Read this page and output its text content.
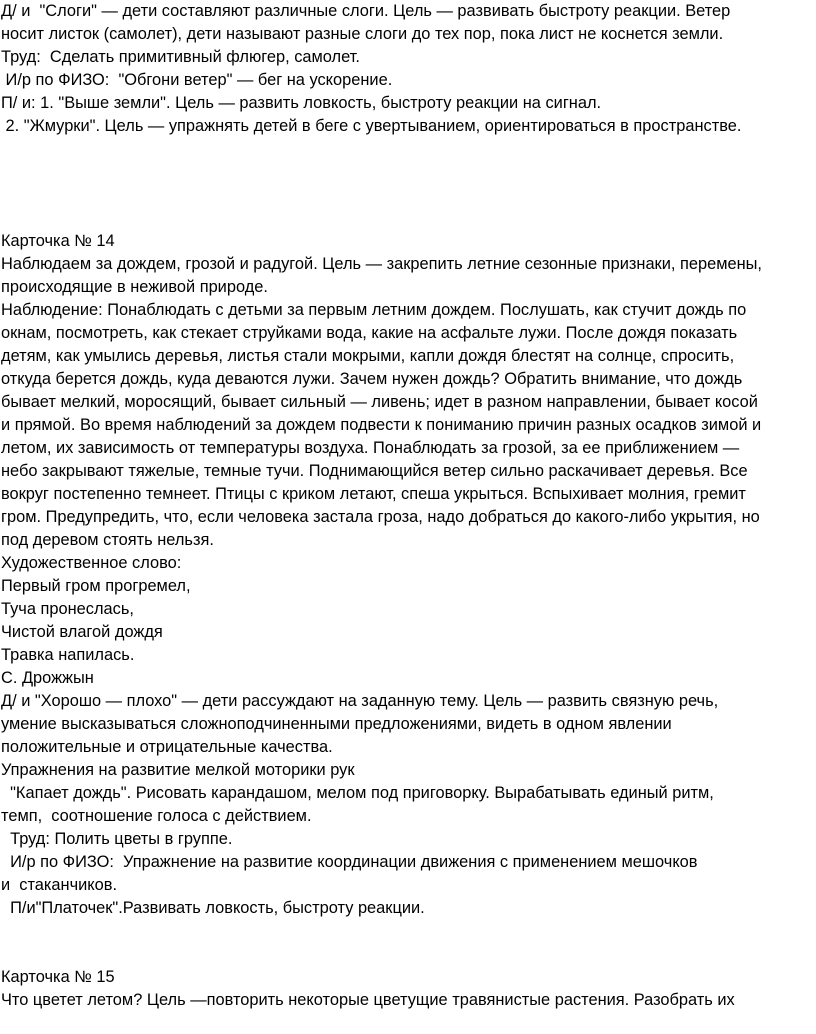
Д/ и  "Слоги" — дети составляют различные слоги. Цель — развивать быстроту реакции. Ветер
носит листок (самолет), дети называют разные слоги до тех пор, пока лист не коснется земли.
Труд:  Сделать примитивный флюгер, самолет.
И/р по ФИЗО:  "Обгони ветер" — бег на ускорение.
П/ и: 1. "Выше земли". Цель — развить ловкость, быстроту реакции на сигнал.
2. "Жмурки". Цель — упражнять детей в беге с увертыванием, ориентироваться в пространстве.
Карточка № 14
Наблюдаем за дождем, грозой и радугой. Цель — закрепить летние сезонные признаки, перемены,
происходящие в неживой природе.
Наблюдение: Понаблюдать с детьми за первым летним дождем. Послушать, как стучит дождь по
окнам, посмотреть, как стекает струйками вода, какие на асфальте лужи. После дождя показать
детям, как умылись деревья, листья стали мокрыми, капли дождя блестят на солнце, спросить,
откуда берется дождь, куда деваются лужи. Зачем нужен дождь? Обратить внимание, что дождь
бывает мелкий, моросящий, бывает сильный — ливень; идет в разном направлении, бывает косой
и прямой. Во время наблюдений за дождем подвести к пониманию причин разных осадков зимой и
летом, их зависимость от температуры воздуха. Понаблюдать за грозой, за ее приближением —
небо закрывают тяжелые, темные тучи. Поднимающийся ветер сильно раскачивает деревья. Все
вокруг постепенно темнеет. Птицы с криком летают, спеша укрыться. Вспыхивает молния, гремит
гром. Предупредить, что, если человека застала гроза, надо добраться до какого-либо укрытия, но
под деревом стоять нельзя.
Художественное слово:
Первый гром прогремел,
Туча пронеслась,
Чистой влагой дождя
Травка напилась.
С. Дрожжын
Д/ и "Хорошо — плохо" — дети рассуждают на заданную тему. Цель — развить связную речь,
умение высказываться сложноподчиненными предложениями, видеть в одном явлении
положительные и отрицательные качества.
Упражнения на развитие мелкой моторики рук
"Капает дождь". Рисовать карандашом, мелом под приговорку. Вырабатывать единый ритм,
темп,  соотношение голоса с действием.
Труд: Полить цветы в группе.
И/р по ФИЗО:  Упражнение на развитие координации движения с применением мешочков
и  стаканчиков.
П/и"Платочек".Развивать ловкость, быстроту реакции.
Карточка № 15
Что цветет летом? Цель —повторить некоторые цветущие травянистые растения. Разобрать их
